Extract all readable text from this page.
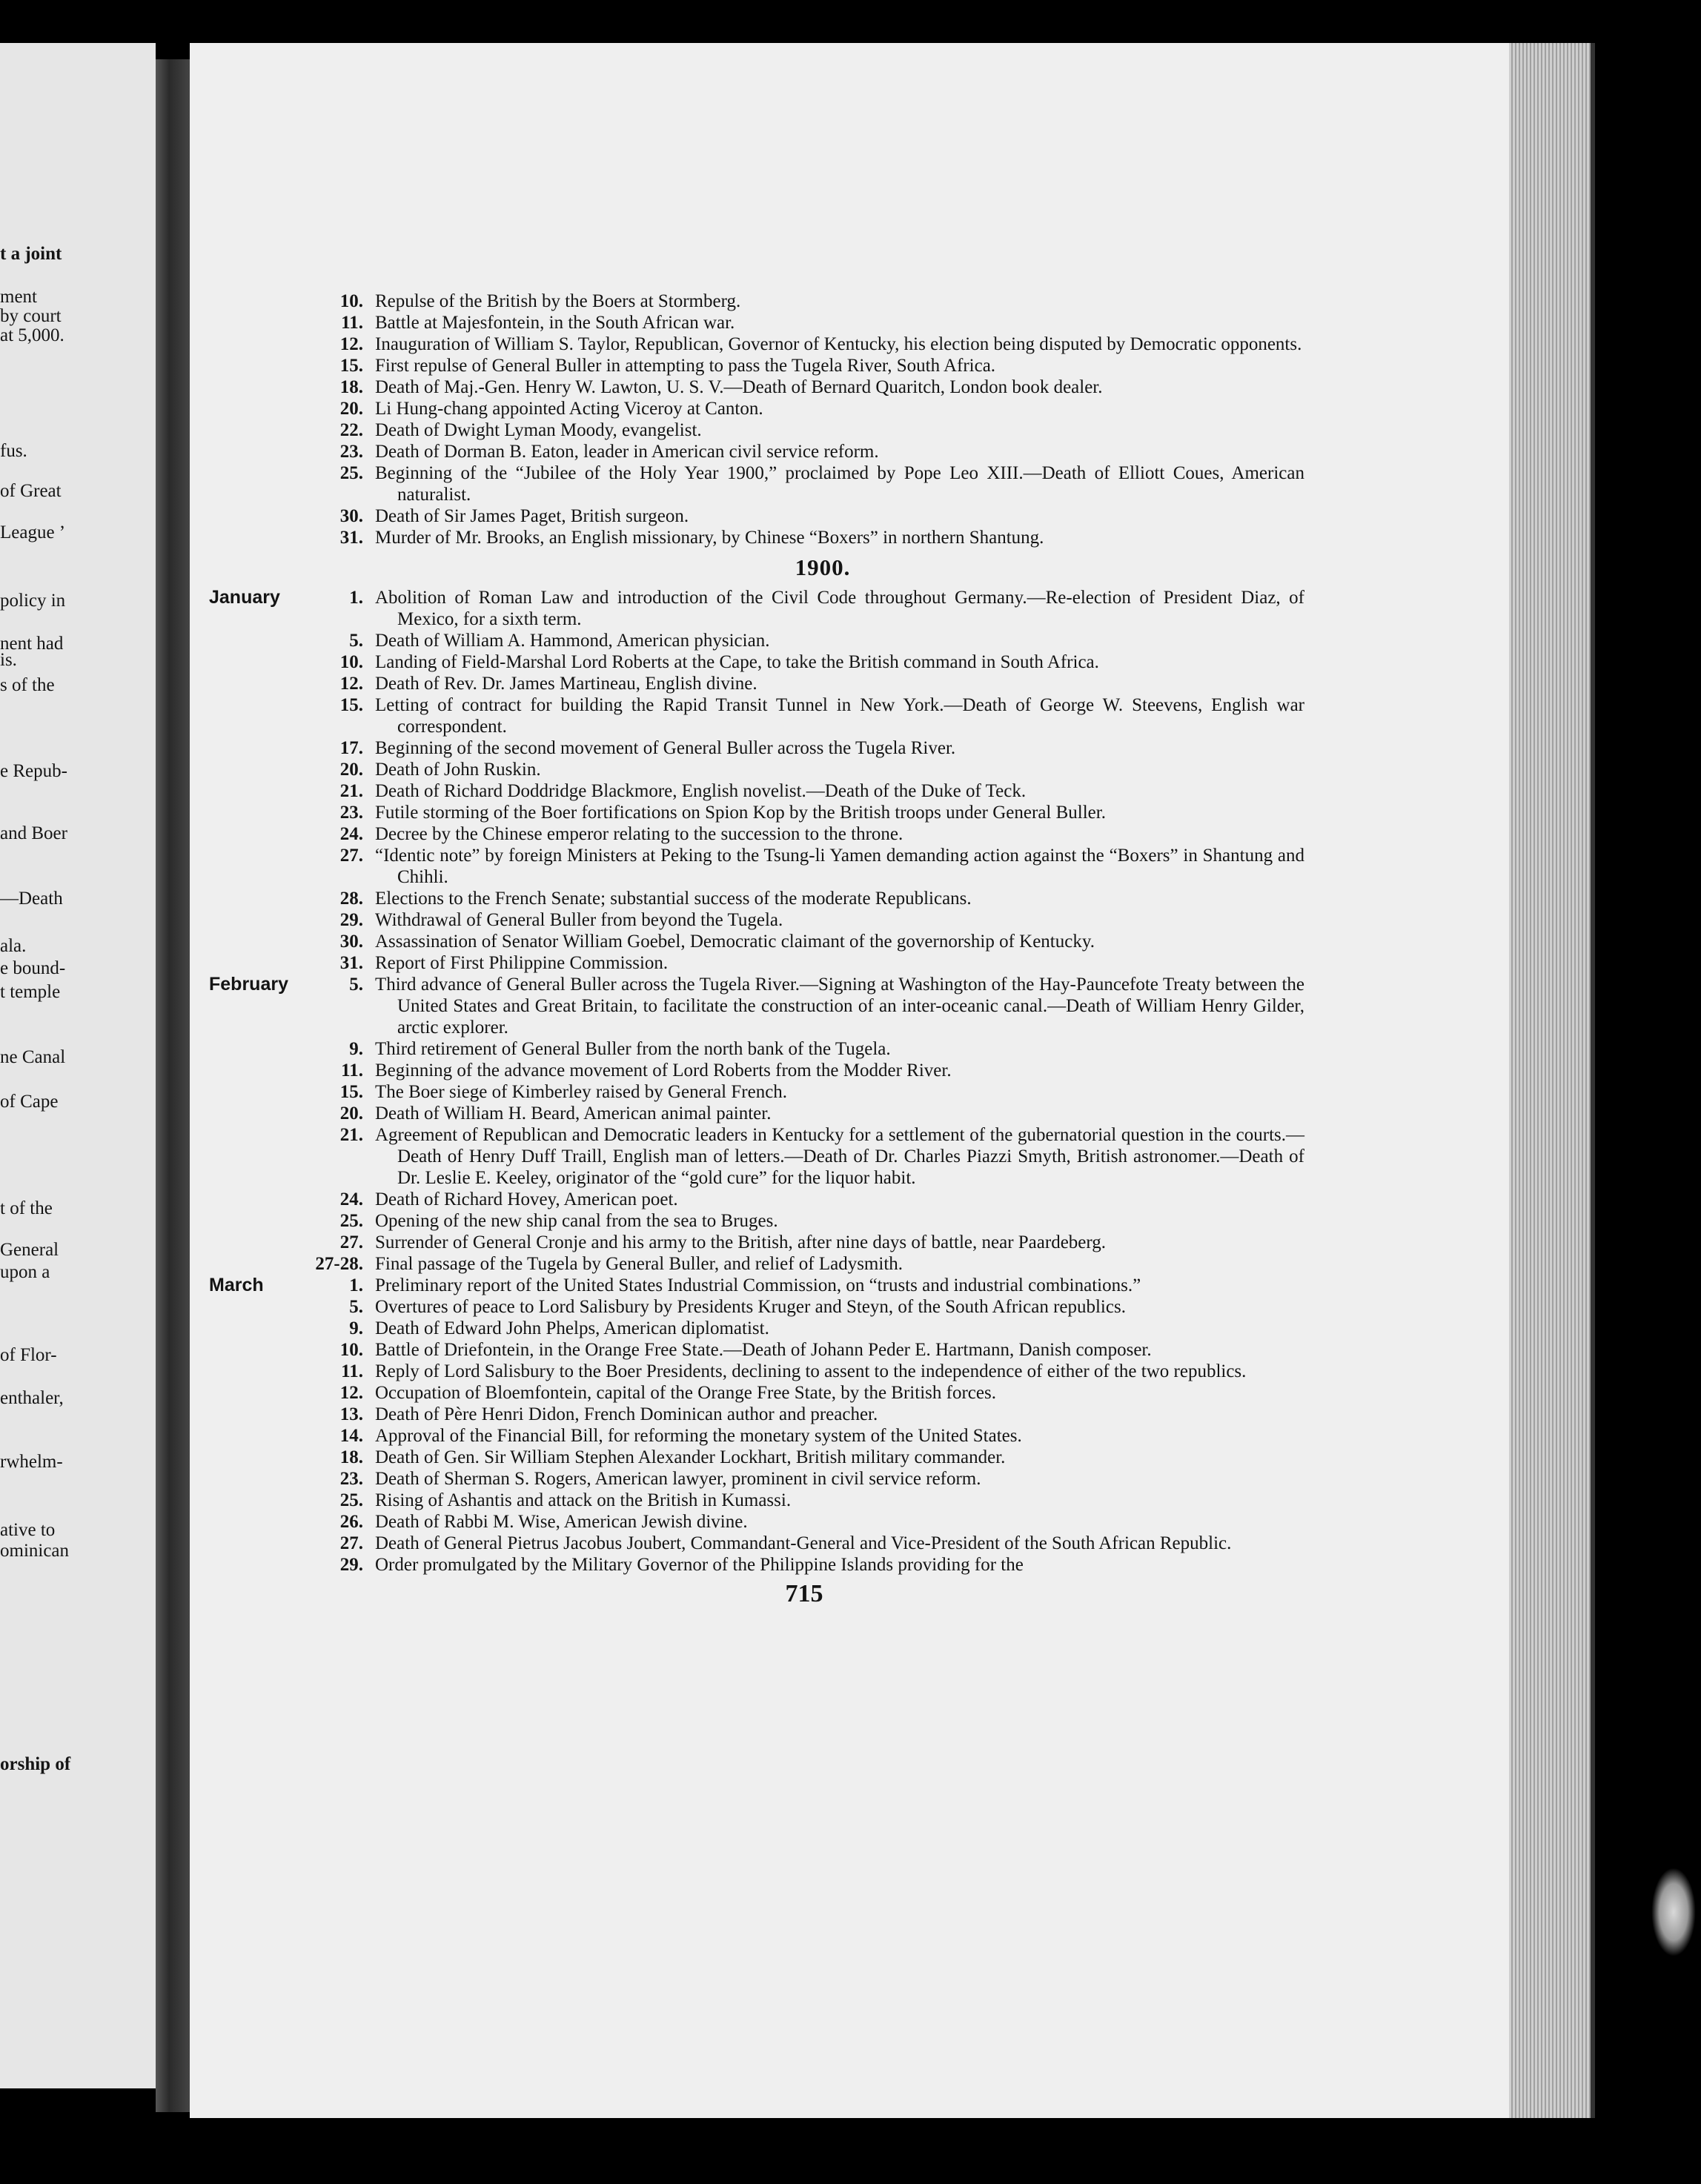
t a joint
ment
by court
at 5,000.
fus.
of Great
League ’
policy in
nent had
is.
s of the
e Repub-
and Boer
—Death
ala.
e bound-
t temple
ne Canal
of Cape
t of the
General
upon a
of Flor-
enthaler,
rwhelm-
ative to
ominican
orship of
10. Repulse of the British by the Boers at Stormberg.
11. Battle at Majesfontein, in the South African war.
12. Inauguration of William S. Taylor, Republican, Governor of Kentucky, his election being disputed by Democratic opponents.
15. First repulse of General Buller in attempting to pass the Tugela River, South Africa.
18. Death of Maj.-Gen. Henry W. Lawton, U. S. V.—Death of Bernard Quaritch, London book dealer.
20. Li Hung-chang appointed Acting Viceroy at Canton.
22. Death of Dwight Lyman Moody, evangelist.
23. Death of Dorman B. Eaton, leader in American civil service reform.
25. Beginning of the “Jubilee of the Holy Year 1900,” proclaimed by Pope Leo XIII.—Death of Elliott Coues, American naturalist.
30. Death of Sir James Paget, British surgeon.
31. Murder of Mr. Brooks, an English missionary, by Chinese “Boxers” in northern Shantung.
1900.
January	1. Abolition of Roman Law and introduction of the Civil Code throughout Germany.—Re-election of President Diaz, of Mexico, for a sixth term.
5. Death of William A. Hammond, American physician.
10. Landing of Field-Marshal Lord Roberts at the Cape, to take the British command in South Africa.
12. Death of Rev. Dr. James Martineau, English divine.
15. Letting of contract for building the Rapid Transit Tunnel in New York.—Death of George W. Steevens, English war correspondent.
17. Beginning of the second movement of General Buller across the Tugela River.
20. Death of John Ruskin.
21. Death of Richard Doddridge Blackmore, English novelist.—Death of the Duke of Teck.
23. Futile storming of the Boer fortifications on Spion Kop by the British troops under General Buller.
24. Decree by the Chinese emperor relating to the succession to the throne.
27. “Identic note” by foreign Ministers at Peking to the Tsung-li Yamen demanding action against the “Boxers” in Shantung and Chihli.
28. Elections to the French Senate; substantial success of the moderate Republicans.
29. Withdrawal of General Buller from beyond the Tugela.
30. Assassination of Senator William Goebel, Democratic claimant of the governorship of Kentucky.
31. Report of First Philippine Commission.
February	5. Third advance of General Buller across the Tugela River.—Signing at Washington of the Hay-Pauncefote Treaty between the United States and Great Britain, to facilitate the construction of an inter-oceanic canal.—Death of William Henry Gilder, arctic explorer.
9. Third retirement of General Buller from the north bank of the Tugela.
11. Beginning of the advance movement of Lord Roberts from the Modder River.
15. The Boer siege of Kimberley raised by General French.
20. Death of William H. Beard, American animal painter.
21. Agreement of Republican and Democratic leaders in Kentucky for a settlement of the gubernatorial question in the courts.—Death of Henry Duff Traill, English man of letters.—Death of Dr. Charles Piazzi Smyth, British astronomer.—Death of Dr. Leslie E. Keeley, originator of the “gold cure” for the liquor habit.
24. Death of Richard Hovey, American poet.
25. Opening of the new ship canal from the sea to Bruges.
27. Surrender of General Cronje and his army to the British, after nine days of battle, near Paardeberg.
27-28. Final passage of the Tugela by General Buller, and relief of Ladysmith.
March	1. Preliminary report of the United States Industrial Commission, on “trusts and industrial combinations.”
5. Overtures of peace to Lord Salisbury by Presidents Kruger and Steyn, of the South African republics.
9. Death of Edward John Phelps, American diplomatist.
10. Battle of Driefontein, in the Orange Free State.—Death of Johann Peder E. Hartmann, Danish composer.
11. Reply of Lord Salisbury to the Boer Presidents, declining to assent to the independence of either of the two republics.
12. Occupation of Bloemfontein, capital of the Orange Free State, by the British forces.
13. Death of Père Henri Didon, French Dominican author and preacher.
14. Approval of the Financial Bill, for reforming the monetary system of the United States.
18. Death of Gen. Sir William Stephen Alexander Lockhart, British military commander.
23. Death of Sherman S. Rogers, American lawyer, prominent in civil service reform.
25. Rising of Ashantis and attack on the British in Kumassi.
26. Death of Rabbi M. Wise, American Jewish divine.
27. Death of General Pietrus Jacobus Joubert, Commandant-General and Vice-President of the South African Republic.
29. Order promulgated by the Military Governor of the Philippine Islands providing for the
715
